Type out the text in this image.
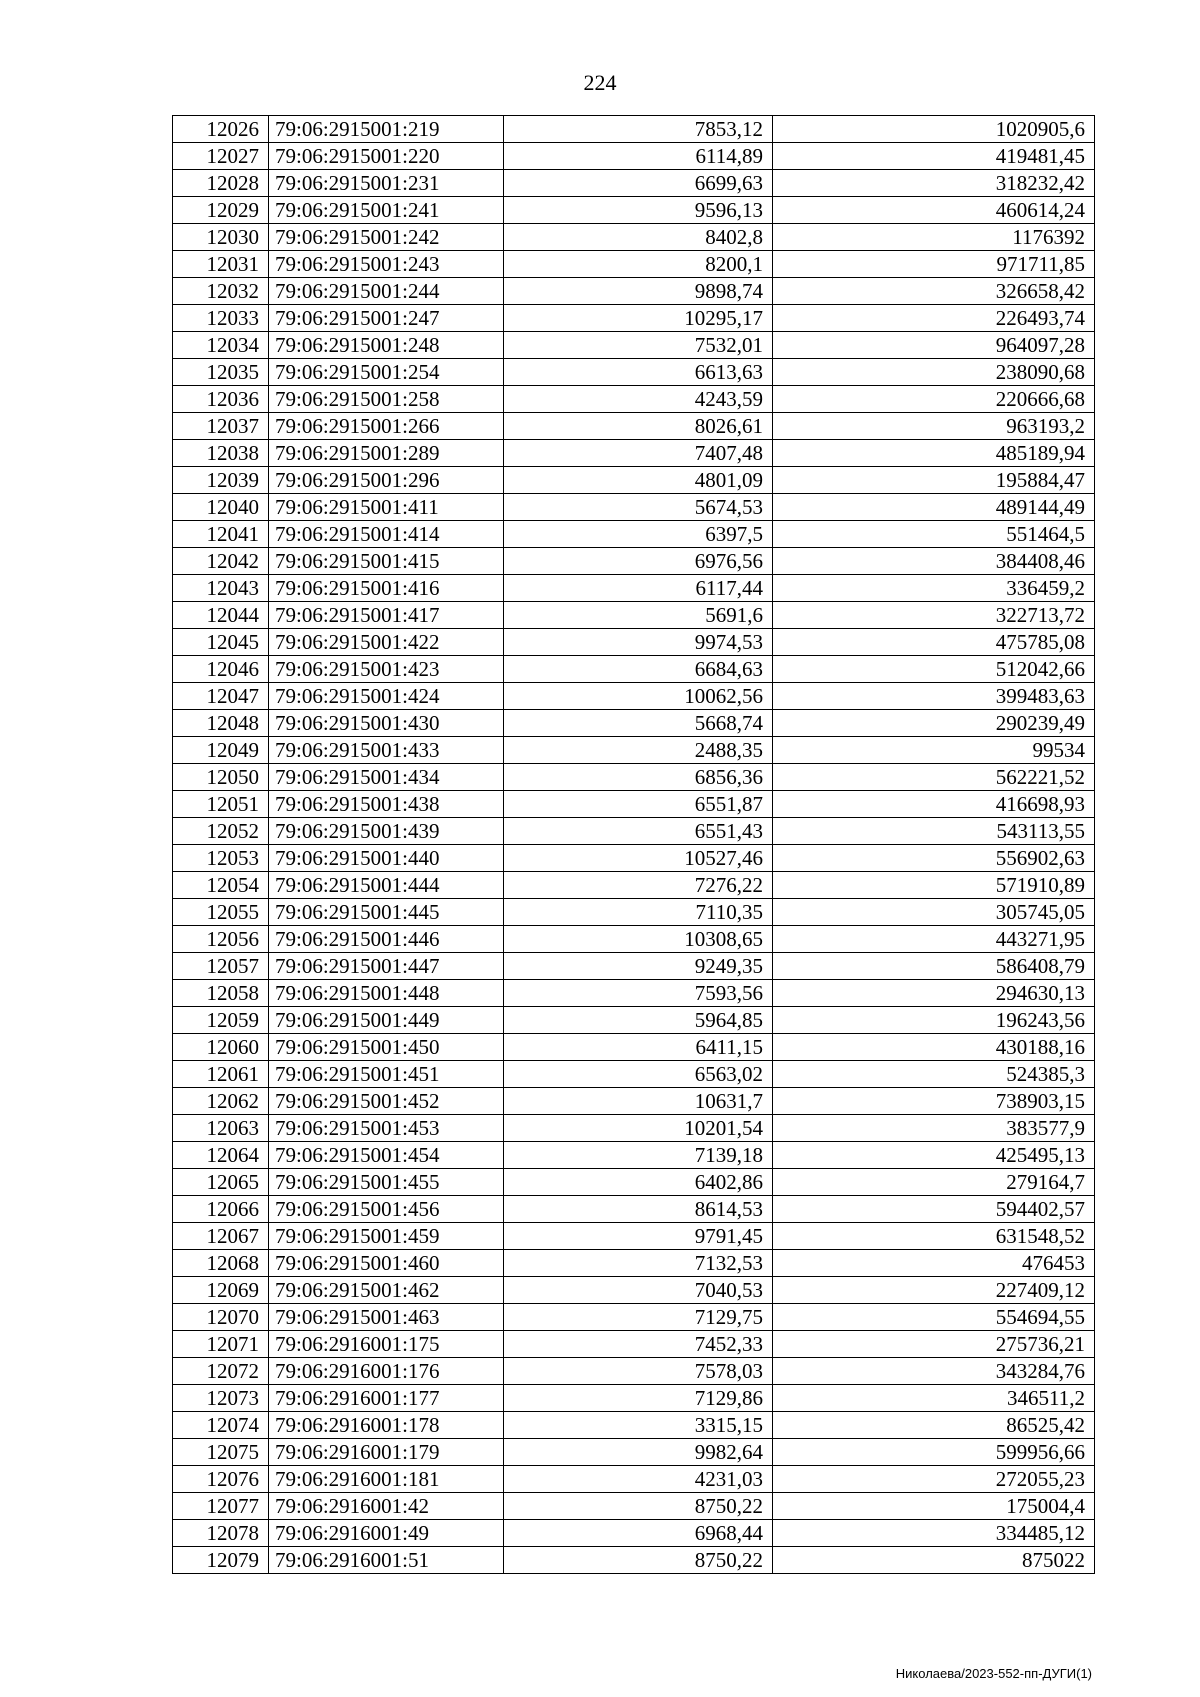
224
12026	79:06:2915001:219	7853,12	1020905,6
12027	79:06:2915001:220	6114,89	419481,45
12028	79:06:2915001:231	6699,63	318232,42
12029	79:06:2915001:241	9596,13	460614,24
12030	79:06:2915001:242	8402,8	1176392
12031	79:06:2915001:243	8200,1	971711,85
12032	79:06:2915001:244	9898,74	326658,42
12033	79:06:2915001:247	10295,17	226493,74
12034	79:06:2915001:248	7532,01	964097,28
12035	79:06:2915001:254	6613,63	238090,68
12036	79:06:2915001:258	4243,59	220666,68
12037	79:06:2915001:266	8026,61	963193,2
12038	79:06:2915001:289	7407,48	485189,94
12039	79:06:2915001:296	4801,09	195884,47
12040	79:06:2915001:411	5674,53	489144,49
12041	79:06:2915001:414	6397,5	551464,5
12042	79:06:2915001:415	6976,56	384408,46
12043	79:06:2915001:416	6117,44	336459,2
12044	79:06:2915001:417	5691,6	322713,72
12045	79:06:2915001:422	9974,53	475785,08
12046	79:06:2915001:423	6684,63	512042,66
12047	79:06:2915001:424	10062,56	399483,63
12048	79:06:2915001:430	5668,74	290239,49
12049	79:06:2915001:433	2488,35	99534
12050	79:06:2915001:434	6856,36	562221,52
12051	79:06:2915001:438	6551,87	416698,93
12052	79:06:2915001:439	6551,43	543113,55
12053	79:06:2915001:440	10527,46	556902,63
12054	79:06:2915001:444	7276,22	571910,89
12055	79:06:2915001:445	7110,35	305745,05
12056	79:06:2915001:446	10308,65	443271,95
12057	79:06:2915001:447	9249,35	586408,79
12058	79:06:2915001:448	7593,56	294630,13
12059	79:06:2915001:449	5964,85	196243,56
12060	79:06:2915001:450	6411,15	430188,16
12061	79:06:2915001:451	6563,02	524385,3
12062	79:06:2915001:452	10631,7	738903,15
12063	79:06:2915001:453	10201,54	383577,9
12064	79:06:2915001:454	7139,18	425495,13
12065	79:06:2915001:455	6402,86	279164,7
12066	79:06:2915001:456	8614,53	594402,57
12067	79:06:2915001:459	9791,45	631548,52
12068	79:06:2915001:460	7132,53	476453
12069	79:06:2915001:462	7040,53	227409,12
12070	79:06:2915001:463	7129,75	554694,55
12071	79:06:2916001:175	7452,33	275736,21
12072	79:06:2916001:176	7578,03	343284,76
12073	79:06:2916001:177	7129,86	346511,2
12074	79:06:2916001:178	3315,15	86525,42
12075	79:06:2916001:179	9982,64	599956,66
12076	79:06:2916001:181	4231,03	272055,23
12077	79:06:2916001:42	8750,22	175004,4
12078	79:06:2916001:49	6968,44	334485,12
12079	79:06:2916001:51	8750,22	875022
Николаева/2023-552-пп-ДУГИ(1)
